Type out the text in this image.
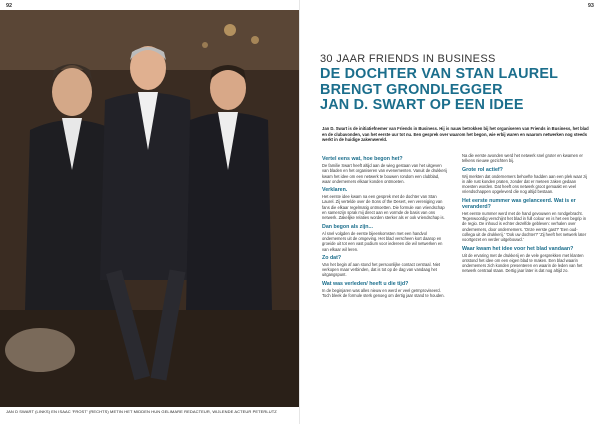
92
JAN D SWART (LINKS) EN ISAAC 'FROST' (RECHTS) METIN HET MIDDEN HUN GELIMARE REDACTEUR, WIJLENDE ACTEUR PETERLUTZ
93
30 JAAR FRIENDS IN BUSINESS
DE DOCHTER VAN STAN LAUREL
BRENGT GRONDLEGGER
JAN D. SWART OP EEN IDEE

Jan D. Swart is de initiatiefnemer van Friends in Business. Hij is nauw betrokken bij het organiseren van Friends in Business, het blad en de clubavonden, van het eerste uur tot nu. Een gesprek over waarom het begon, wie erbij waren en waarom netwerken nog steeds werkt in de huidige zakenwereld.

Vertel eens wat, hoe begon het?

De familie Swart heeft altijd aan de wieg gestaan van het uitgeven van bladen en het organiseren van evenementen. Vanuit de drukkerij kwam het idee om een netwerk te bouwen rondom een clubblad, waar ondernemers elkaar konden ontmoeten.

Verklaren.

Het eerste idee kwam na een gesprek met de dochter van Stan Laurel. Zij vertelde over de Sons of the Desert, een vereniging van fans die elkaar regelmatig ontmoetten. Die formule van vriendschap en samenzijn sprak mij direct aan en vormde de basis van ons netwerk. Zakelijke relaties worden sterker als er ook vriendschap is.

Dan begon als zijn...

Al snel volgden de eerste bijeenkomsten met een handvol ondernemers uit de omgeving. Het blad verscheen kort daarop en groeide uit tot een vast podium voor iedereen die wil netwerken en van elkaar wil leren.

Zo dat?

Van het begin af aan stond het persoonlijke contact centraal. Niet verkopen maar verbinden, dat is tot op de dag van vandaag het uitgangspunt.

Wat was verleden/ heeft u die tijd?

In de beginjaren was alles nieuw en werd er veel geïmproviseerd. Toch bleek de formule sterk genoeg om dertig jaar stand te houden.

Na die eerste avonden werd het netwerk snel groter en kwamen er telkens nieuwe gezichten bij.

Grote rol actief?

Wij merkten dat ondernemers behoefte hadden aan een plek waar zij in alle rust konden praten, zonder dat er meteen zaken gedaan moesten worden. Dat heeft ons netwerk groot gemaakt en veel vriendschappen opgeleverd die nog altijd bestaan.

Het eerste nummer was gelanceerd. Wat is er veranderd?

Het eerste nummer werd met de hand gevouwen en rondgebracht. Tegenwoordig verschijnt het blad in full colour en is het een begrip in de regio. De inhoud is echter dezelfde gebleven: verhalen over ondernemers, door ondernemers. 'Onze eerste gast?' 'Een oud-collega uit de drukkerij.' 'Ook uw dochter?' 'Zij heeft het netwerk later voortgezet en verder uitgebouwd.'

Waar kwam het idee voor het blad vandaan?

Uit de ervaring met de drukkerij en de vele gesprekken met klanten ontstond het idee om een eigen blad te maken. Een blad waarin ondernemers zich konden presenteren en waarin de leden van het netwerk centraal staan. Dertig jaar later is dat nog altijd zo.
